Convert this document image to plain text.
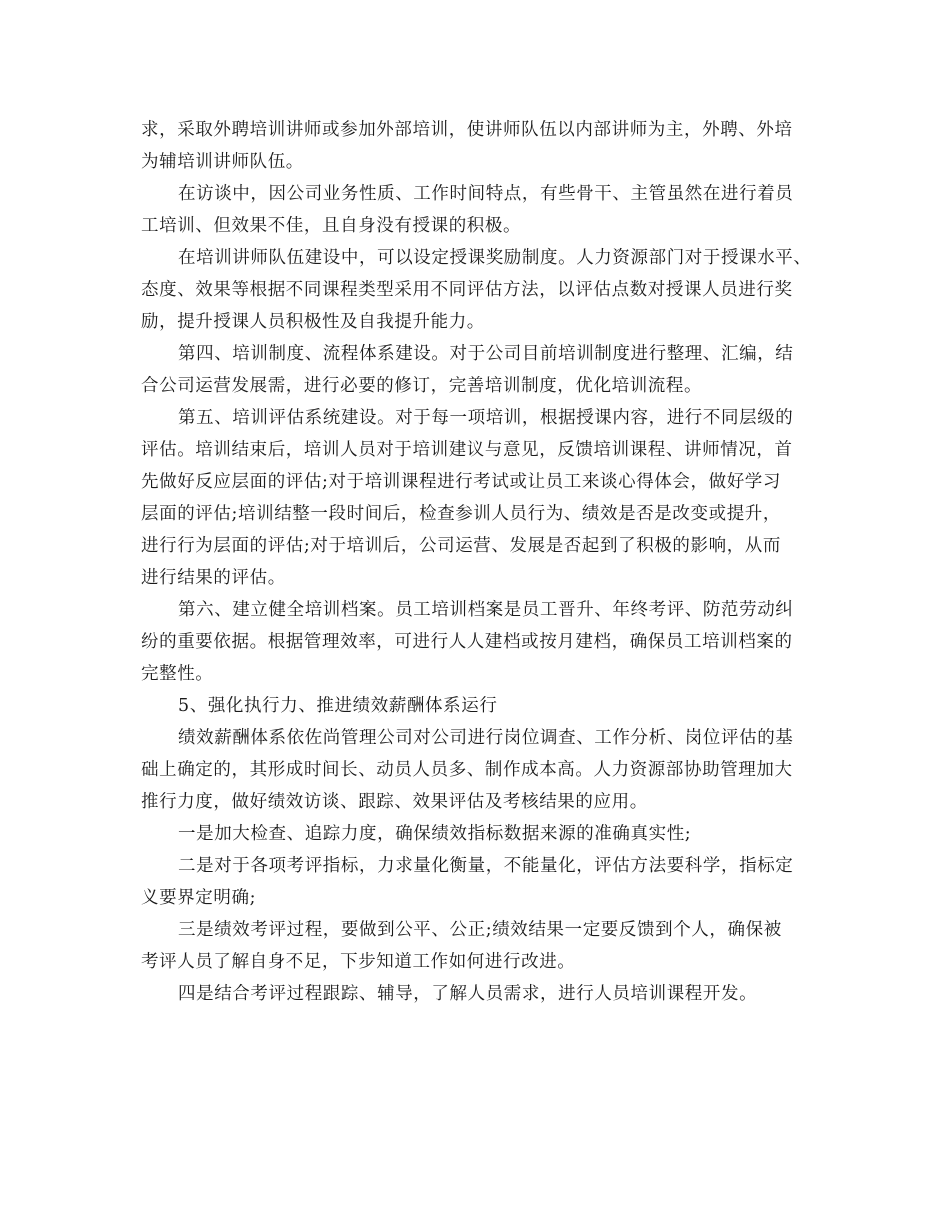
求，采取外聘培训讲师或参加外部培训，使讲师队伍以内部讲师为主，外聘、外培
为辅培训讲师队伍。
在访谈中，因公司业务性质、工作时间特点，有些骨干、主管虽然在进行着员
工培训、但效果不佳，且自身没有授课的积极。
在培训讲师队伍建设中，可以设定授课奖励制度。人力资源部门对于授课水平、
态度、效果等根据不同课程类型采用不同评估方法，以评估点数对授课人员进行奖
励，提升授课人员积极性及自我提升能力。
第四、培训制度、流程体系建设。对于公司目前培训制度进行整理、汇编，结
合公司运营发展需，进行必要的修订，完善培训制度，优化培训流程。
第五、培训评估系统建设。对于每一项培训，根据授课内容，进行不同层级的
评估。培训结束后，培训人员对于培训建议与意见，反馈培训课程、讲师情况，首
先做好反应层面的评估;对于培训课程进行考试或让员工来谈心得体会，做好学习
层面的评估;培训结整一段时间后，检查参训人员行为、绩效是否是改变或提升，
进行行为层面的评估;对于培训后，公司运营、发展是否起到了积极的影响，从而
进行结果的评估。
第六、建立健全培训档案。员工培训档案是员工晋升、年终考评、防范劳动纠
纷的重要依据。根据管理效率，可进行人人建档或按月建档，确保员工培训档案的
完整性。
5、强化执行力、推进绩效薪酬体系运行
绩效薪酬体系依佐尚管理公司对公司进行岗位调查、工作分析、岗位评估的基
础上确定的，其形成时间长、动员人员多、制作成本高。人力资源部协助管理加大
推行力度，做好绩效访谈、跟踪、效果评估及考核结果的应用。
一是加大检查、追踪力度，确保绩效指标数据来源的准确真实性;
二是对于各项考评指标，力求量化衡量，不能量化，评估方法要科学，指标定
义要界定明确;
三是绩效考评过程，要做到公平、公正;绩效结果一定要反馈到个人，确保被
考评人员了解自身不足，下步知道工作如何进行改进。
四是结合考评过程跟踪、辅导，了解人员需求，进行人员培训课程开发。
